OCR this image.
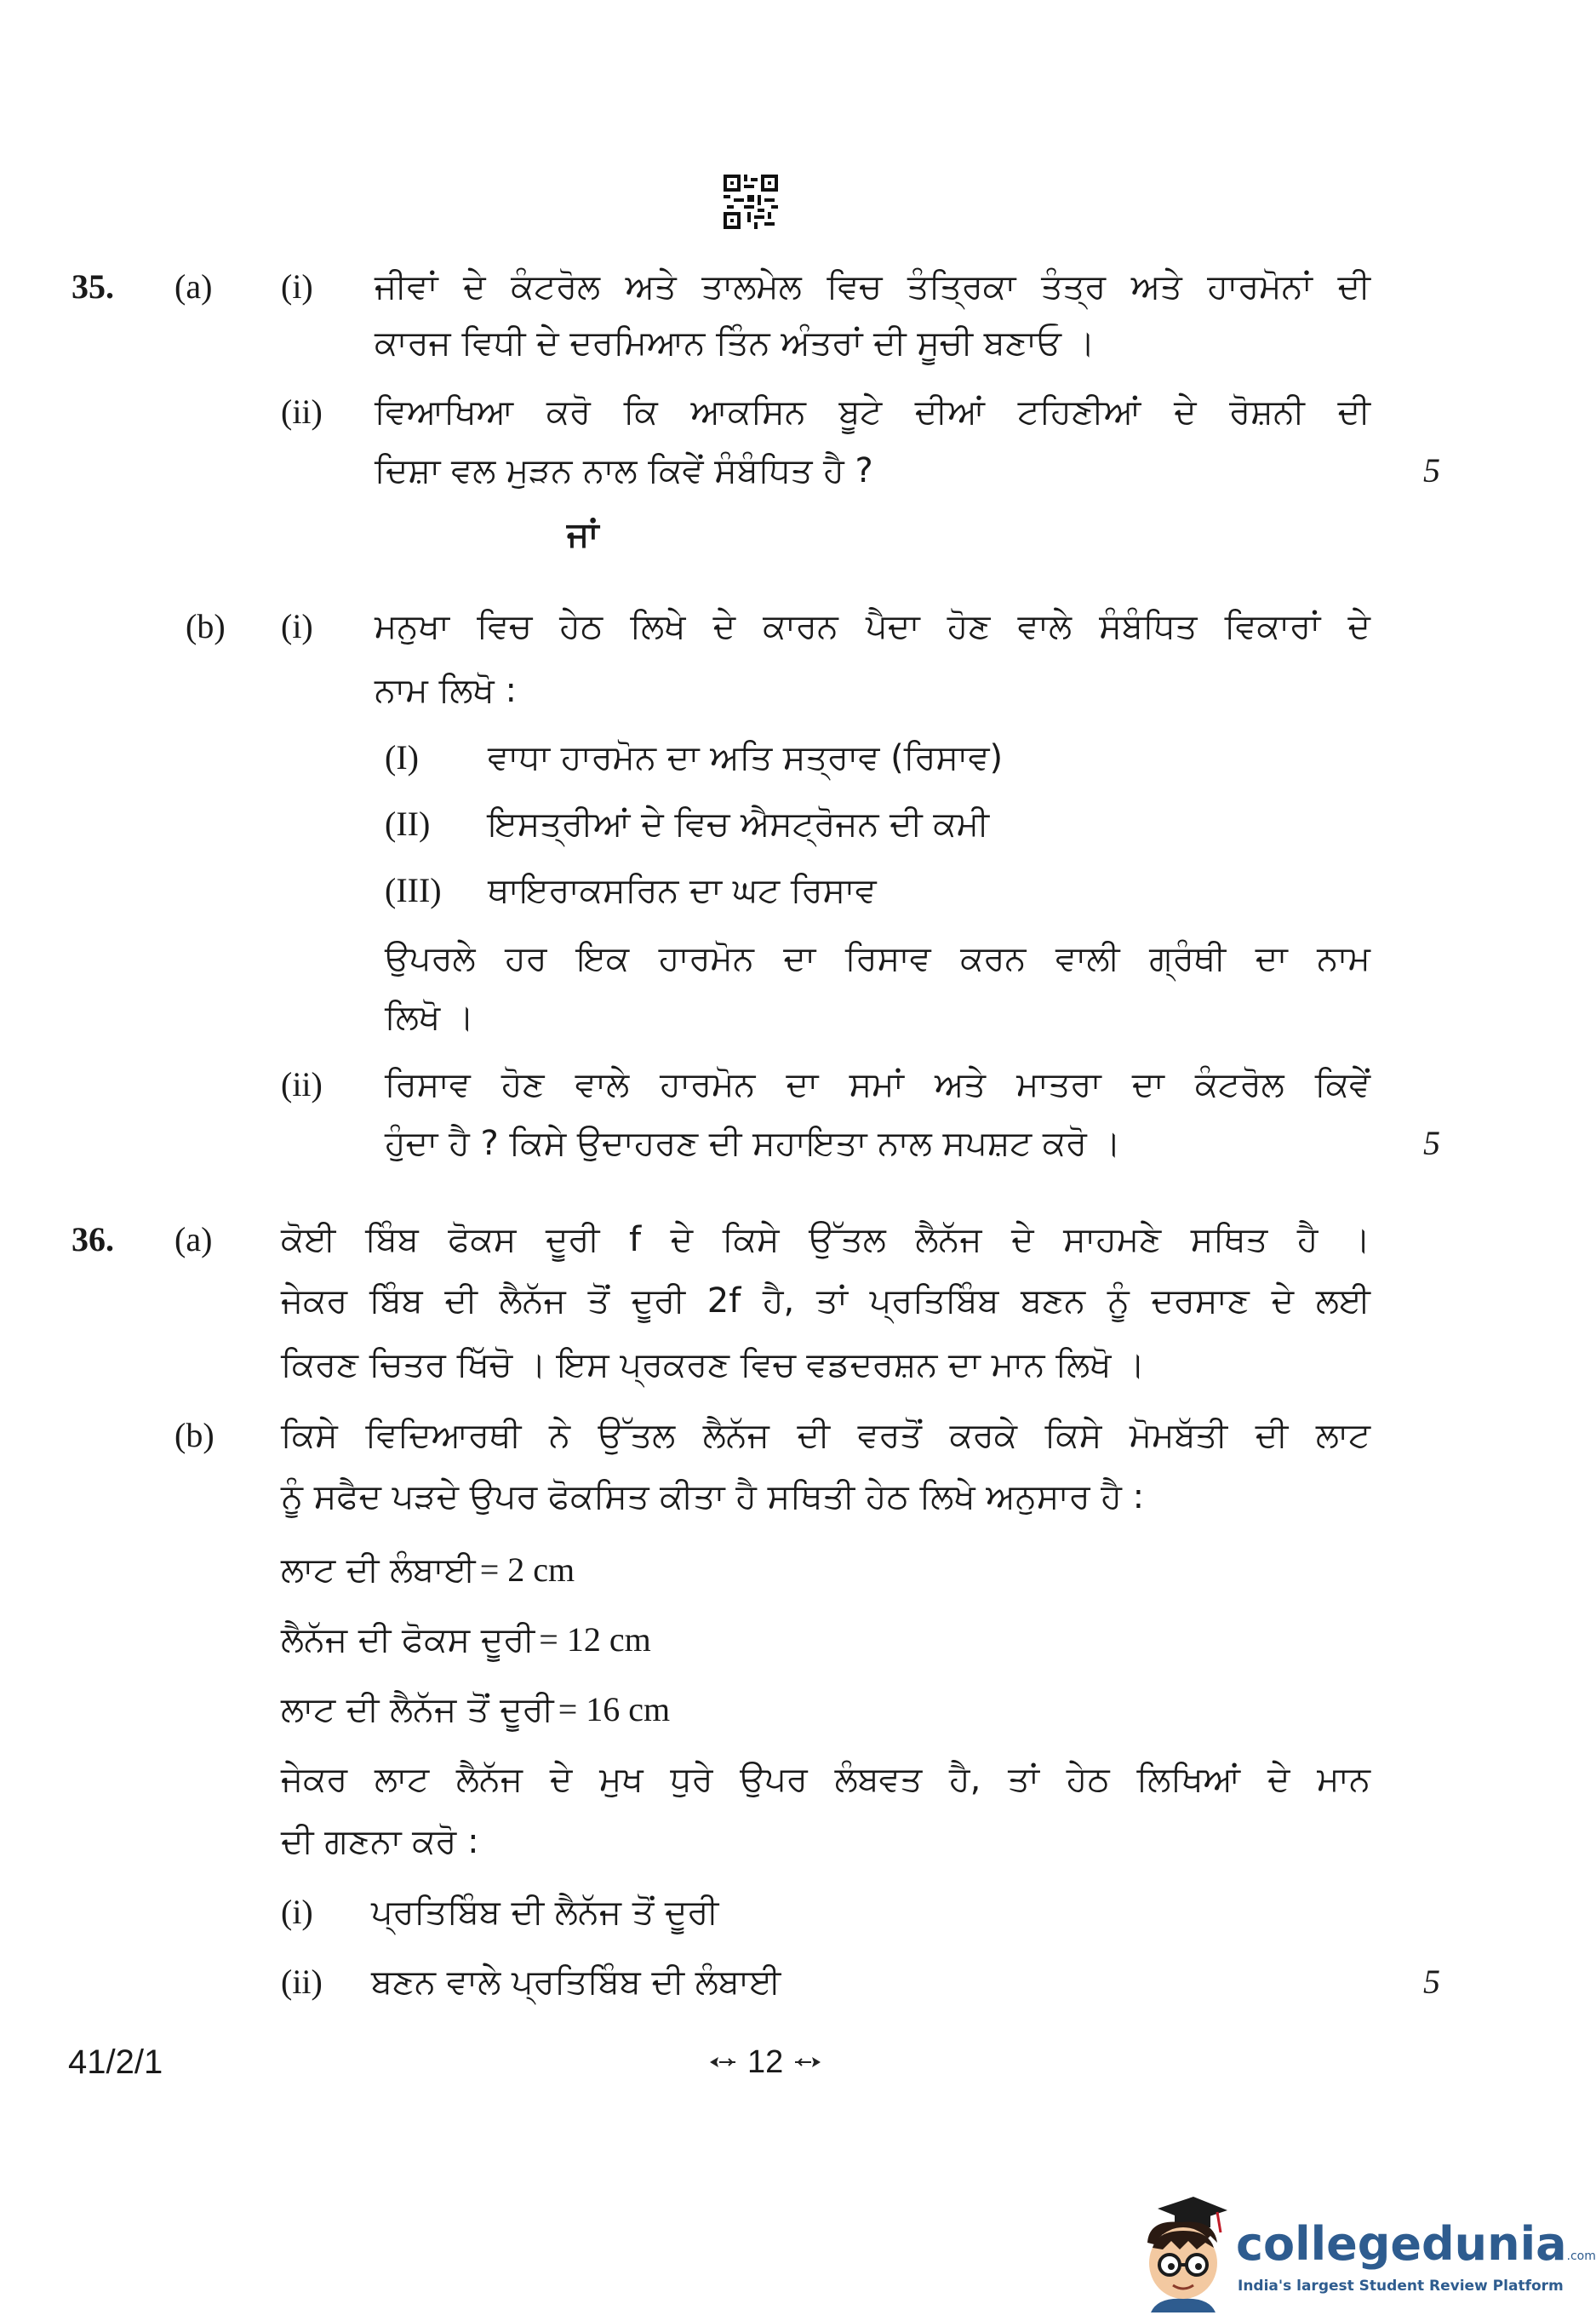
35. (a) (i) ਜੀਵਾਂ ਦੇ ਕੰਟਰੋਲ ਅਤੇ ਤਾਲਮੇਲ ਵਿਚ ਤੰਤ੍ਰਿਕਾ ਤੰਤ੍ਰ ਅਤੇ ਹਾਰਮੋਨਾਂ ਦੀ
ਕਾਰਜ ਵਿਧੀ ਦੇ ਦਰਮਿਆਨ ਤਿੰਨ ਅੰਤਰਾਂ ਦੀ ਸੂਚੀ ਬਣਾਓ ।
(ii) ਵਿਆਖਿਆ ਕਰੋ ਕਿ ਆਕਸਿਨ ਬੂਟੇ ਦੀਆਂ ਟਹਿਣੀਆਂ ਦੇ ਰੋਸ਼ਨੀ ਦੀ
ਦਿਸ਼ਾ ਵਲ ਮੁੜਨ ਨਾਲ ਕਿਵੇਂ ਸੰਬੰਧਿਤ ਹੈ ?	5
ਜਾਂ
(b) (i) ਮਨੁਖਾ ਵਿਚ ਹੇਠ ਲਿਖੇ ਦੇ ਕਾਰਨ ਪੈਦਾ ਹੋਣ ਵਾਲੇ ਸੰਬੰਧਿਤ ਵਿਕਾਰਾਂ ਦੇ
ਨਾਮ ਲਿਖੋ :
(I) ਵਾਧਾ ਹਾਰਮੋਨ ਦਾ ਅਤਿ ਸਤ੍ਰਾਵ (ਰਿਸਾਵ)
(II) ਇਸਤ੍ਰੀਆਂ ਦੇ ਵਿਚ ਐਸਟ੍ਰੋਜਨ ਦੀ ਕਮੀ
(III) ਥਾਇਰਾਕਸਰਿਨ ਦਾ ਘਟ ਰਿਸਾਵ
ਉਪਰਲੇ ਹਰ ਇਕ ਹਾਰਮੋਨ ਦਾ ਰਿਸਾਵ ਕਰਨ ਵਾਲੀ ਗ੍ਰੰਥੀ ਦਾ ਨਾਮ
ਲਿਖੋ ।
(ii) ਰਿਸਾਵ ਹੋਣ ਵਾਲੇ ਹਾਰਮੋਨ ਦਾ ਸਮਾਂ ਅਤੇ ਮਾਤਰਾ ਦਾ ਕੰਟਰੋਲ ਕਿਵੇਂ
ਹੁੰਦਾ ਹੈ ? ਕਿਸੇ ਉਦਾਹਰਣ ਦੀ ਸਹਾਇਤਾ ਨਾਲ ਸਪਸ਼ਟ ਕਰੋ ।	5
36. (a) ਕੋਈ ਬਿੰਬ ਫੋਕਸ ਦੂਰੀ f ਦੇ ਕਿਸੇ ਉੱਤਲ ਲੈਨੱਜ ਦੇ ਸਾਹਮਣੇ ਸਥਿਤ ਹੈ ।
ਜੇਕਰ ਬਿੰਬ ਦੀ ਲੈਨੱਜ ਤੋਂ ਦੂਰੀ 2f ਹੈ, ਤਾਂ ਪ੍ਰਤਿਬਿੰਬ ਬਣਨ ਨੂੰ ਦਰਸਾਣ ਦੇ ਲਈ
ਕਿਰਣ ਚਿਤਰ ਖਿੱਚੋ । ਇਸ ਪ੍ਰਕਰਣ ਵਿਚ ਵਡਦਰਸ਼ਨ ਦਾ ਮਾਨ ਲਿਖੋ ।
(b) ਕਿਸੇ ਵਿਦਿਆਰਥੀ ਨੇ ਉੱਤਲ ਲੈਨੱਜ ਦੀ ਵਰਤੋਂ ਕਰਕੇ ਕਿਸੇ ਮੋਮਬੱਤੀ ਦੀ ਲਾਟ
ਨੂੰ ਸਫੈਦ ਪੜਦੇ ਉਪਰ ਫੋਕਸਿਤ ਕੀਤਾ ਹੈ ਸਥਿਤੀ ਹੇਠ ਲਿਖੇ ਅਨੁਸਾਰ ਹੈ :
ਲਾਟ ਦੀ ਲੰਬਾਈ = 2 cm
ਲੈਨੱਜ ਦੀ ਫੋਕਸ ਦੂਰੀ = 12 cm
ਲਾਟ ਦੀ ਲੈਨੱਜ ਤੋਂ ਦੂਰੀ = 16 cm
ਜੇਕਰ ਲਾਟ ਲੈਨੱਜ ਦੇ ਮੁਖ ਧੁਰੇ ਉਪਰ ਲੰਬਵਤ ਹੈ, ਤਾਂ ਹੇਠ ਲਿਖਿਆਂ ਦੇ ਮਾਨ
ਦੀ ਗਣਨਾ ਕਰੋ :
(i) ਪ੍ਰਤਿਬਿੰਬ ਦੀ ਲੈਨੱਜ ਤੋਂ ਦੂਰੀ
(ii) ਬਣਨ ਵਾਲੇ ਪ੍ਰਤਿਬਿੰਬ ਦੀ ਲੰਬਾਈ	5
41/2/1	12
collegedunia.com
India's largest Student Review Platform
